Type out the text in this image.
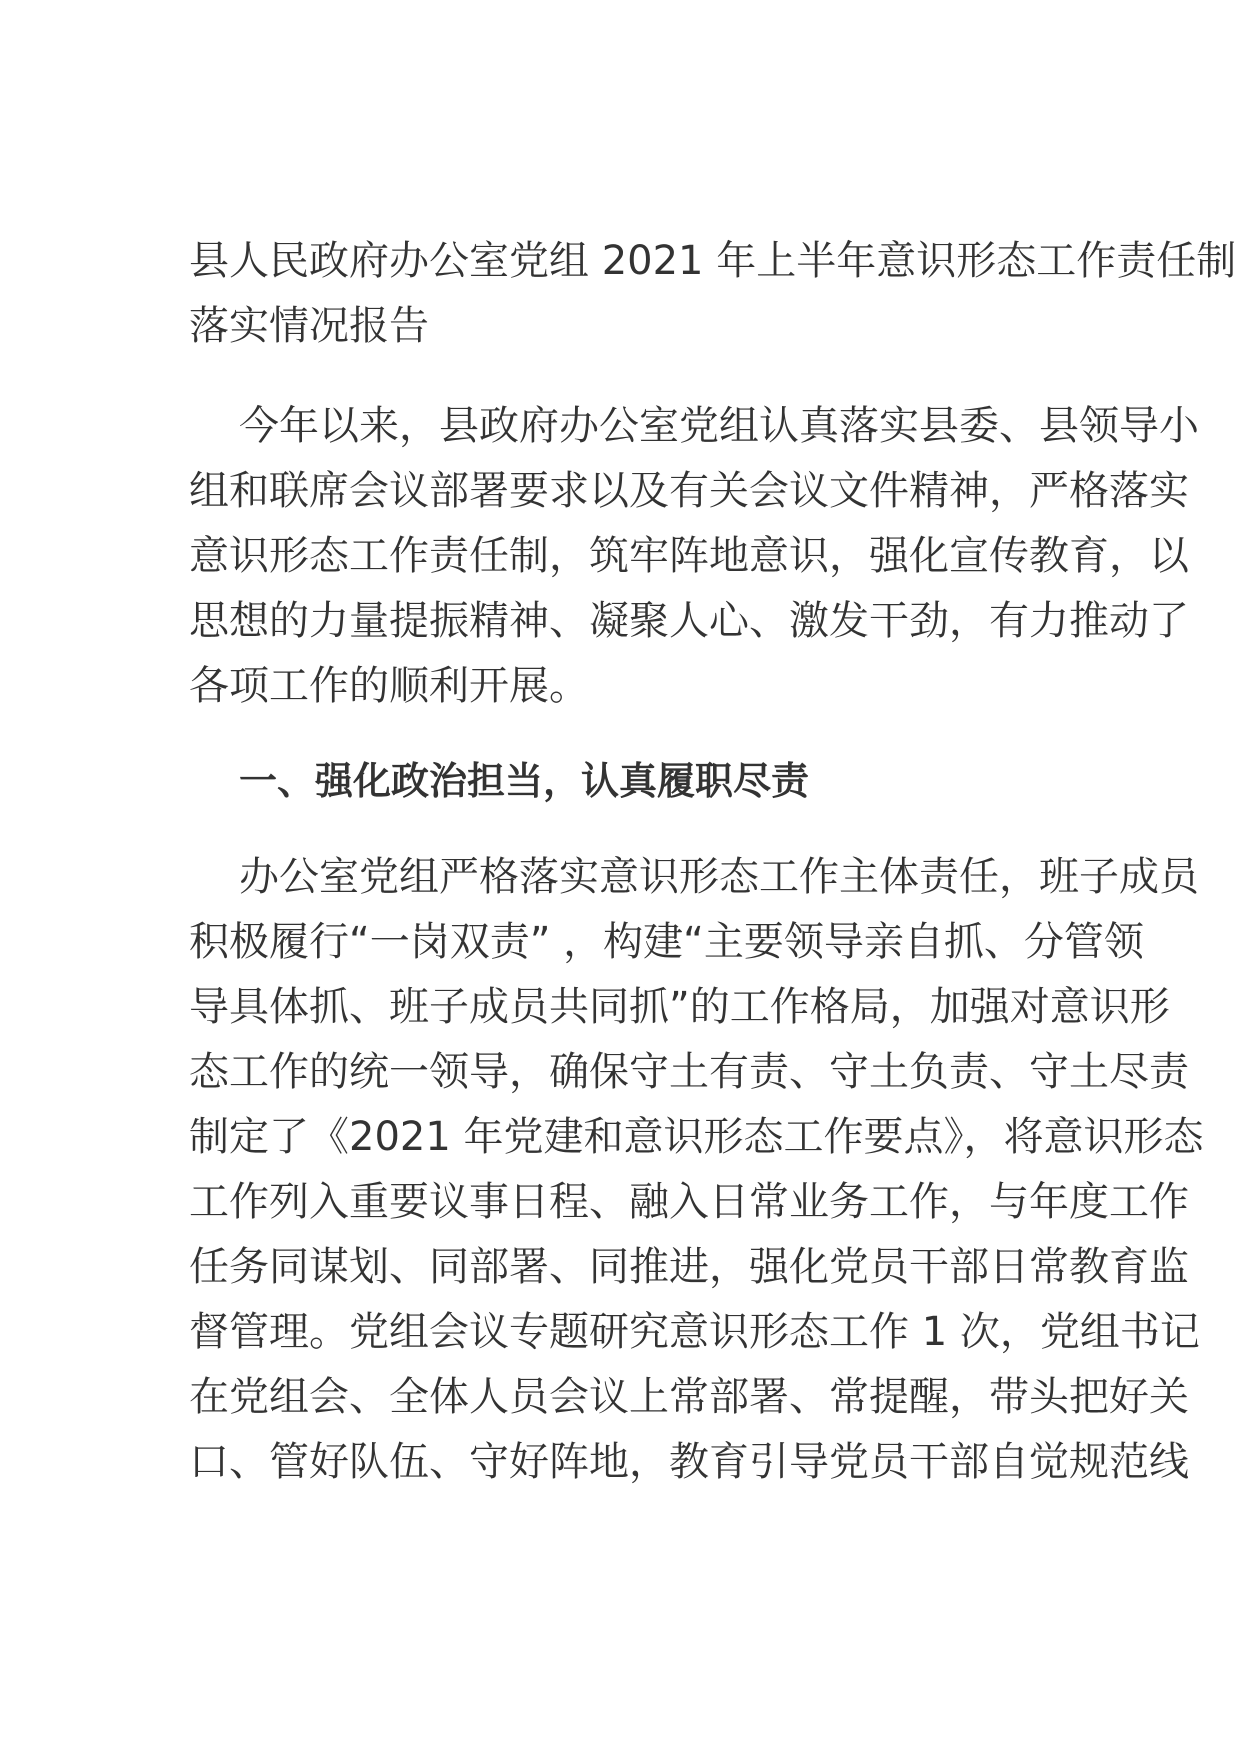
县人民政府办公室党组 2021 年上半年意识形态工作责任制
落实情况报告
今年以来，县政府办公室党组认真落实县委、县领导小
组和联席会议部署要求以及有关会议文件精神，严格落实
意识形态工作责任制，筑牢阵地意识，强化宣传教育，以
思想的力量提振精神、凝聚人心、激发干劲，有力推动了
各项工作的顺利开展。
一、强化政治担当，认真履职尽责
办公室党组严格落实意识形态工作主体责任，班子成员
积极履行“一岗双责” ，构建“主要领导亲自抓、分管领
导具体抓、班子成员共同抓”的工作格局，加强对意识形
态工作的统一领导，确保守土有责、守土负责、守土尽责
制定了《2021 年党建和意识形态工作要点》，将意识形态
工作列入重要议事日程、融入日常业务工作，与年度工作
任务同谋划、同部署、同推进，强化党员干部日常教育监
督管理。党组会议专题研究意识形态工作 1 次，党组书记
在党组会、全体人员会议上常部署、常提醒，带头把好关
口、管好队伍、守好阵地，教育引导党员干部自觉规范线
